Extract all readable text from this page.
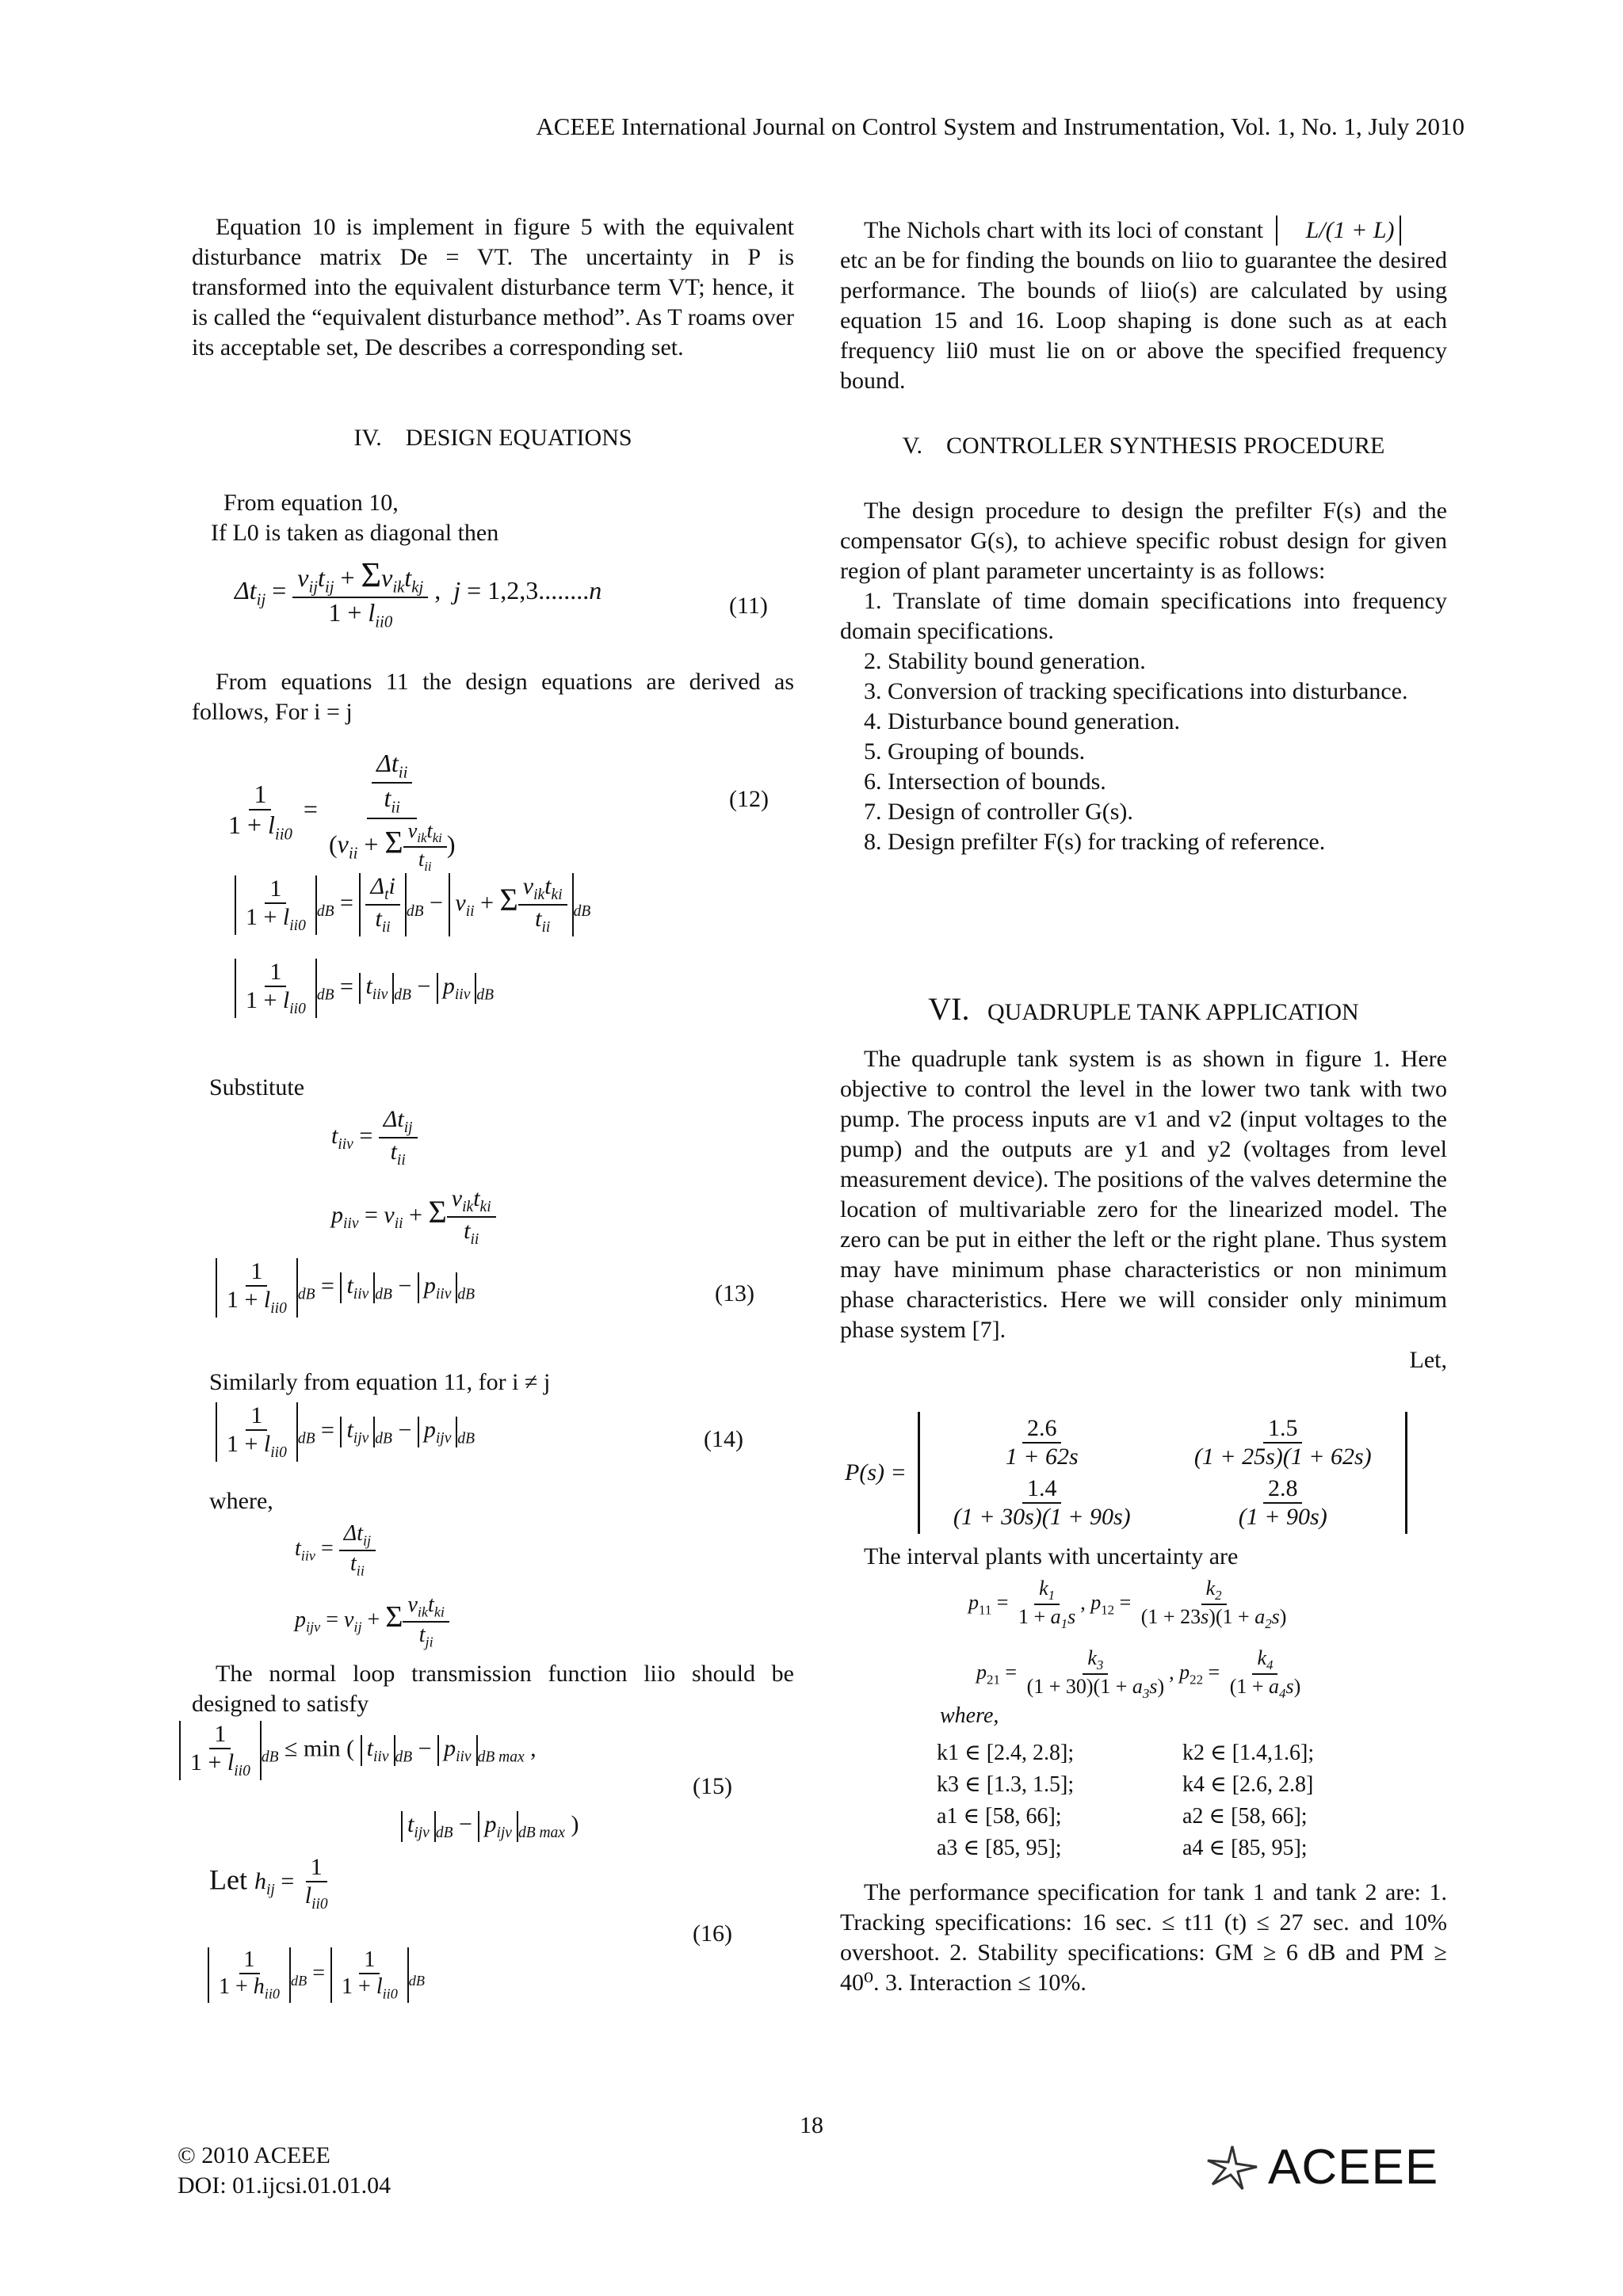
ACEEE International Journal on Control System and Instrumentation, Vol. 1, No. 1, July 2010

Equation 10 is implement in figure 5 with the equivalent disturbance matrix De = VT. The uncertainty in P is transformed into the equivalent disturbance term VT; hence, it is called the “equivalent disturbance method”. As T roams over its acceptable set, De describes a corresponding set.

IV. DESIGN EQUATIONS

From equation 10,

If L0 is taken as diagonal then

$\Delta t_{ij} = \frac{v_{ij}t_{ij} + \Sigma v_{ik}t_{kj}}{1 + l_{ii0}}$ ,  j = 1,2,3........n
(11)

From equations 11 the design equations are derived as follows, For i = j

$\frac{1}{1 + l_{ii0}} = \frac{\frac{\Delta t_{ii}}{t_{ii}}}{(v_{ii} + \Sigma \frac{v_{ik}t_{ki}}{t_{ii}} )}$	(12)
$\frac{1}{1 + l_{ii0}} _{dB} = \frac{\Delta_ti}{t_{ii}} _{dB} - v_{ii} + \Sigma \frac{v_{ik}t_{ki}}{t_{ii}} _{dB}$
$\frac{1}{1 + l_{ii0}} _{dB} = t_{iiv}$ $_{dB} - p_{iiv}$ $_{dB}$

Substitute

$t_{iiv} = \frac{\Delta t_{ij}}{t_{ii}}$
$p_{iiv} = v_{ii} + \Sigma \frac{v_{ik}t_{ki}}{t_{ii}}$
$\frac{1}{1 + l_{ii0}} _{dB} = t_{iiv}$ $_{dB} - p_{iiv}$ $_{dB}$	(13)

Similarly from equation 11, for i ≠ j

$\frac{1}{1 + l_{ii0}} _{dB} = t_{ijv}$ $_{dB} - p_{ijv}$ $_{dB}$	(14)

where,

$t_{iiv} = \frac{\Delta t_{ij}}{t_{ii}}$
$p_{ijv} = v_{ij} + \Sigma \frac{v_{ik}t_{ki}}{t_{ji}}$

The normal loop transmission function liio should be designed to satisfy

$\frac{1}{1 + l_{ii0}} _{dB} \le \min$ ( $t_{iiv}$ $_{dB} - p_{iiv}$ $_{dB max}$ ,
$t_{ijv}$ $_{dB} - p_{ijv}$ $_{dB max}$ )
(15)
Let $h_{ij} = \frac{1}{l_{ii0}}$
(16)
$\frac{1}{1 + h_{ii0}} _{dB} = \frac{1}{1 + l_{ii0}} _{dB}$

The Nichols chart with its loci of constant L/(1 + L)

etc an be for finding the bounds on liio to guarantee the desired performance. The bounds of liio(s) are calculated by using equation 15 and 16. Loop shaping is done such as at each frequency lii0 must lie on or above the specified frequency bound.

V. CONTROLLER SYNTHESIS PROCEDURE

The design procedure to design the prefilter F(s) and the compensator G(s), to achieve specific robust design for given region of plant parameter uncertainty is as follows:

1. Translate of time domain specifications into frequency domain specifications.

2. Stability bound generation.

3. Conversion of tracking specifications into disturbance.

4. Disturbance bound generation.

5. Grouping of bounds.

6. Intersection of bounds.

7. Design of controller G(s).

8. Design prefilter F(s) for tracking of reference.

VI. QUADRUPLE TANK APPLICATION

The quadruple tank system is as shown in figure 1. Here objective to control the level in the lower two tank with two pump. The process inputs are v1 and v2 (input voltages to the pump) and the outputs are y1 and y2 (voltages from level measurement device). The positions of the valves determine the location of multivariable zero for the linearized model. The zero can be put in either the left or the right plane. Thus system may have minimum phase characteristics or non minimum phase characteristics. Here we will consider only minimum phase system [7].

Let,

P(s) =
$\frac{2.6}{1 + 62s} \frac{1.5}{(1 + 25s)(1 + 62s)}$
$\frac{1.4}{(1 + 30s)(1 + 90s)} \frac{2.8}{(1 + 90s)}$

The interval plants with uncertainty are

$p_{11} = \frac{k_1}{1 + a_1s}$ , $p_{12} = \frac{k_2}{(1 + 23s)(1 + a_2s)}$
$p_{21} = \frac{k_3}{(1 + 30)(1 + a_3s)}$ , $p_{22} = \frac{k_4}{(1 + a_4s)}$
where,
k1 ∈ [2.4, 2.8];	k2 ∈ [1.4,1.6];
k3 ∈ [1.3, 1.5];	k4 ∈ [2.6, 2.8]
a1 ∈ [58, 66];	a2 ∈ [58, 66];
a3 ∈ [85, 95];	a4 ∈ [85, 95];

The performance specification for tank 1 and tank 2 are: 1. Tracking specifications: 16 sec. ≤ t11 (t) ≤ 27 sec. and 10% overshoot. 2. Stability specifications: GM ≥ 6 dB and PM ≥ 40⁰. 3. Interaction ≤ 10%.

18
© 2010 ACEEE
DOI: 01.ijcsi.01.01.04	ACEEE
